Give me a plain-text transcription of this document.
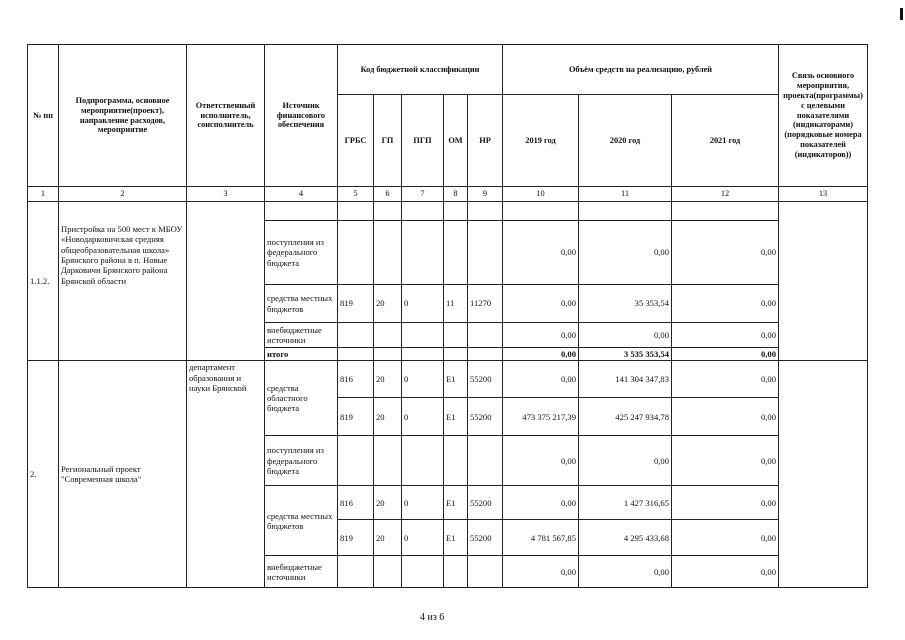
№ пп	Подпрограмма, основное мероприятие(проект), направление расходов, мероприятие	Ответственный исполнитель, соисполнитель	Источник финансового обеспечения	Код бюджетной классификации					Объём средств на реализацию, рублей			Связь основного мероприятия, проекта(программы) с целевыми показателями (индикаторами) (порядковые номера показателей (индикаторов))
				ГРБС	ГП	ПГП	ОМ	НР	2019 год	2020 год	2021 год	
1	2	3	4	5	6	7	8	9	10	11	12	13
1.1.2.	Пристройка на 500 мест к МБОУ «Новодарковичская средняя общеобразовательная школа» Брянского района в п. Новые Дарковичи Брянского района Брянской области											
			поступления из федерального бюджета						0,00	0,00	0,00	
			средства местных бюджетов	819	20	0	11	11270	0,00	35 353,54	0,00	
			внебюджетные источники						0,00	0,00	0,00	
			итого						0,00	3 535 353,54	0,00	
2.	Региональный проект "Современная школа"	департамент образования и науки Брянской	средства областного бюджета	816	20	0	E1	55200	0,00	141 304 347,83	0,00	
				819	20	0	E1	55200	473 375 217,39	425 247 934,78	0,00	
			поступления из федерального бюджета						0,00	0,00	0,00	
			средства местных бюджетов	816	20	0	E1	55200	0,00	1 427 316,65	0,00	
				819	20	0	E1	55200	4 781 567,85	4 295 433,68	0,00	
			внебюджетные источники						0,00	0,00	0,00	
4 из 6
